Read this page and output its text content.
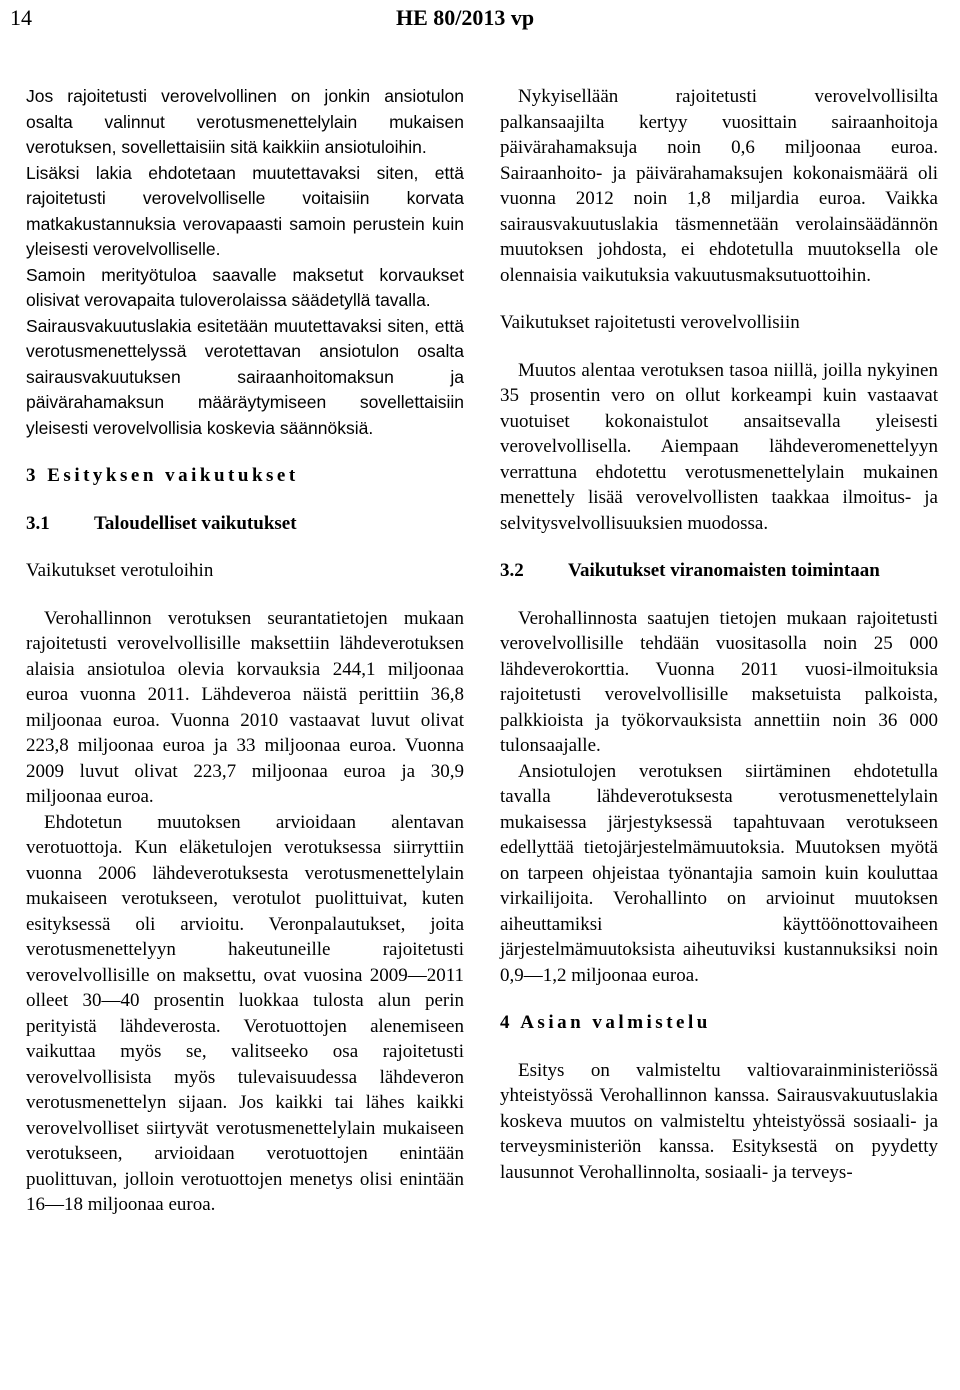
14	HE 80/2013 vp

Jos rajoitetusti verovelvollinen on jonkin ansiotulon osalta valinnut verotusmenettelylain mukaisen verotuksen, sovellettaisiin sitä kaikkiin ansiotuloihin.

Lisäksi lakia ehdotetaan muutettavaksi siten, että rajoitetusti verovelvolliselle voitaisiin korvata matkakustannuksia verovapaasti samoin perustein kuin yleisesti verovelvolliselle.

Samoin merityötuloa saavalle maksetut korvaukset olisivat verovapaita tuloverolaissa säädetyllä tavalla.

Sairausvakuutuslakia esitetään muutettavaksi siten, että verotusmenettelyssä verotettavan ansiotulon osalta sairausvakuutuksen sairaanhoitomaksun ja päivärahamaksun määräytymiseen sovellettaisiin yleisesti verovelvollisia koskevia säännöksiä.

3 Esityksen vaikutukset
3.1	Taloudelliset vaikutukset
Vaikutukset verotuloihin

Verohallinnon verotuksen seurantatietojen mukaan rajoitetusti verovelvollisille maksettiin lähdeverotuksen alaisia ansiotuloa olevia korvauksia 244,1 miljoonaa euroa vuonna 2011. Lähdeveroa näistä perittiin 36,8 miljoonaa euroa. Vuonna 2010 vastaavat luvut olivat 223,8 miljoonaa euroa ja 33 miljoonaa euroa. Vuonna 2009 luvut olivat 223,7 miljoonaa euroa ja 30,9 miljoonaa euroa.

Ehdotetun muutoksen arvioidaan alentavan verotuottoja. Kun eläketulojen verotuksessa siirryttiin vuonna 2006 lähdeverotuksesta verotusmenettelylain mukaiseen verotukseen, verotulot puolittuivat, kuten esityksessä oli arvioitu. Veronpalautukset, joita verotusmenettelyyn hakeutuneille rajoitetusti verovelvollisille on maksettu, ovat vuosina 2009—2011 olleet 30—40 prosentin luokkaa tulosta alun perin perityistä lähdeverosta. Verotuottojen alenemiseen vaikuttaa myös se, valitseeko osa rajoitetusti verovelvollisista myös tulevaisuudessa lähdeveron verotusmenettelyn sijaan. Jos kaikki tai lähes kaikki verovelvolliset siirtyvät verotusmenettelylain mukaiseen verotukseen, arvioidaan verotuottojen enintään puolittuvan, jolloin verotuottojen menetys olisi enintään 16—18 miljoonaa euroa.

Nykyisellään rajoitetusti verovelvollisilta palkansaajilta kertyy vuosittain sairaanhoitoja päivärahamaksuja noin 0,6 miljoonaa euroa. Sairaanhoito- ja päivärahamaksujen kokonaismäärä oli vuonna 2012 noin 1,8 miljardia euroa. Vaikka sairausvakuutuslakia täsmennetään verolainsäädännön muutoksen johdosta, ei ehdotetulla muutoksella ole olennaisia vaikutuksia vakuutusmaksutuottoihin.

Vaikutukset rajoitetusti verovelvollisiin

Muutos alentaa verotuksen tasoa niillä, joilla nykyinen 35 prosentin vero on ollut korkeampi kuin vastaavat vuotuiset kokonaistulot ansaitsevalla yleisesti verovelvollisella. Aiempaan lähdeveromenettelyyn verrattuna ehdotettu verotusmenettelylain mukainen menettely lisää verovelvollisten taakkaa ilmoitus- ja selvitysvelvollisuuksien muodossa.

3.2	Vaikutukset viranomaisten toimintaan

Verohallinnosta saatujen tietojen mukaan rajoitetusti verovelvollisille tehdään vuositasolla noin 25 000 lähdeverokorttia. Vuonna 2011 vuosi-ilmoituksia rajoitetusti verovelvollisille maksetuista palkoista, palkkioista ja työkorvauksista annettiin noin 36 000 tulonsaajalle.

Ansiotulojen verotuksen siirtäminen ehdotetulla tavalla lähdeverotuksesta verotusmenettelylain mukaisessa järjestyksessä tapahtuvaan verotukseen edellyttää tietojärjestelmämuutoksia. Muutoksen myötä on tarpeen ohjeistaa työnantajia samoin kuin kouluttaa virkailijoita. Verohallinto on arvioinut muutoksen aiheuttamiksi käyttöönottovaiheen järjestelmämuutoksista aiheutuviksi kustannuksiksi noin 0,9—1,2 miljoonaa euroa.

4 Asian valmistelu

Esitys on valmisteltu valtiovarainministeriössä yhteistyössä Verohallinnon kanssa. Sairausvakuutuslakia koskeva muutos on valmisteltu yhteistyössä sosiaali- ja terveysministeriön kanssa. Esityksestä on pyydetty lausunnot Verohallinnolta, sosiaali- ja terveys-
